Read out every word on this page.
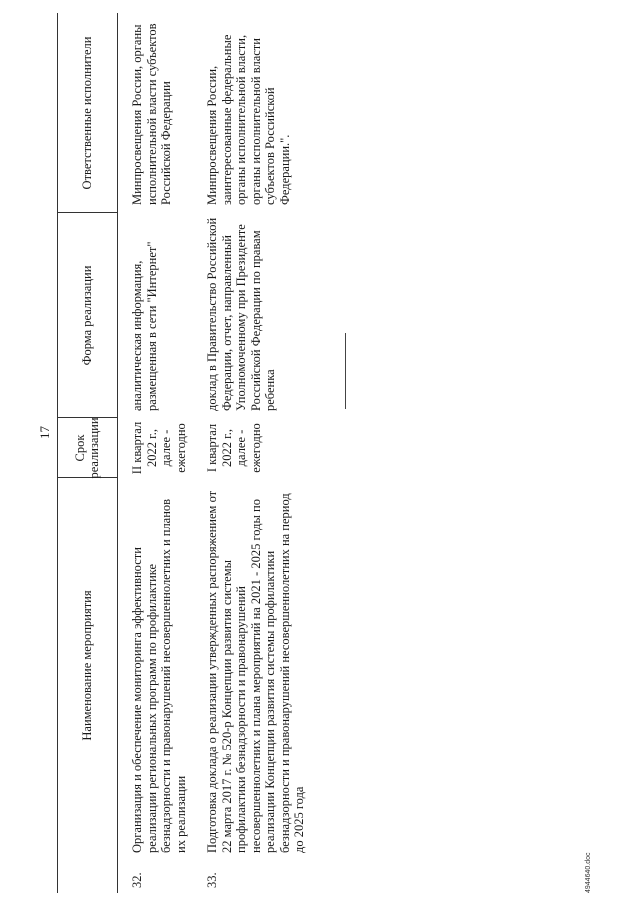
17
Наименование мероприятия
Срок реализации
Форма реализации
Ответственные исполнители
32.
Организация и обеспечение мониторинга эффективности реализации региональных программ по профилактике безнадзорности и правонарушений несовершеннолетних и планов их реализации
II квартал 2022 г., далее - ежегодно
аналитическая информация, размещенная в сети "Интернет"
Минпросвещения России, органы исполнительной власти субъектов Российской Федерации
33.
Подготовка доклада о реализации утвержденных распоряжением от 22 марта 2017 г. № 520-р Концепции развития системы профилактики безнадзорности и правонарушений несовершеннолетних и плана мероприятий на 2021 - 2025 годы по реализации Концепции развития системы профилактики безнадзорности и правонарушений несовершеннолетних на период до 2025 года
I квартал 2022 г., далее - ежегодно
доклад в Правительство Российской Федерации, отчет, направленный Уполномоченному при Президенте Российской Федерации по правам ребенка
Минпросвещения России, заинтересованные федеральные органы исполнительной власти, органы исполнительной власти субъектов Российской Федерации.".
4944640.doc
